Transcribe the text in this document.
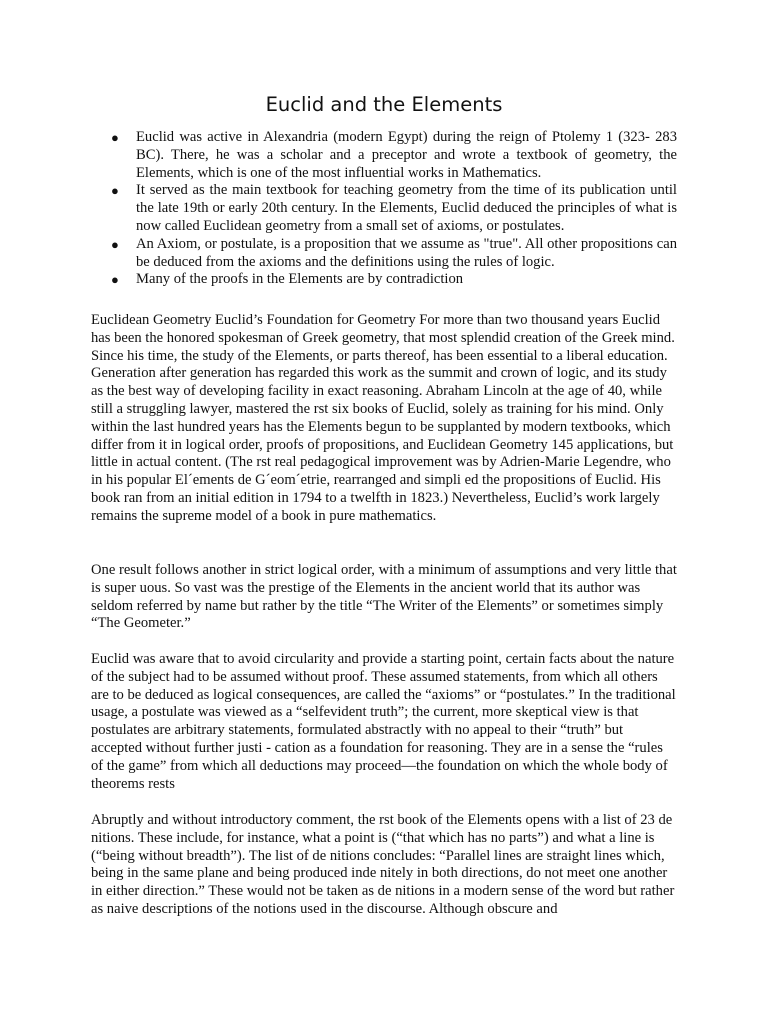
Euclid and the Elements
● Euclid was active in Alexandria (modern Egypt) during the reign of Ptolemy 1 (323- 283 BC). There, he was a scholar and a preceptor and wrote a textbook of geometry, the Elements, which is one of the most influential works in Mathematics.
● It served as the main textbook for teaching geometry from the time of its publication until the late 19th or early 20th century. In the Elements, Euclid deduced the principles of what is now called Euclidean geometry from a small set of axioms, or postulates.
● An Axiom, or postulate, is a proposition that we assume as "true". All other propositions can be deduced from the axioms and the definitions using the rules of logic.
● Many of the proofs in the Elements are by contradiction

Euclidean Geometry Euclid’s Foundation for Geometry For more than two thousand years Euclid has been the honored spokesman of Greek geometry, that most splendid creation of the Greek mind. Since his time, the study of the Elements, or parts thereof, has been essential to a liberal education. Generation after generation has regarded this work as the summit and crown of logic, and its study as the best way of developing facility in exact reasoning. Abraham Lincoln at the age of 40, while still a struggling lawyer, mastered the rst six books of Euclid, solely as training for his mind. Only within the last hundred years has the Elements begun to be supplanted by modern textbooks, which differ from it in logical order, proofs of propositions, and Euclidean Geometry 145 applications, but little in actual content. (The rst real pedagogical improvement was by Adrien-Marie Legendre, who in his popular El´ements de G´eom´etrie, rearranged and simpli ed the propositions of Euclid. His book ran from an initial edition in 1794 to a twelfth in 1823.) Nevertheless, Euclid’s work largely remains the supreme model of a book in pure mathematics.

One result follows another in strict logical order, with a minimum of assumptions and very little that is super uous. So vast was the prestige of the Elements in the ancient world that its author was seldom referred by name but rather by the title “The Writer of the Elements” or sometimes simply “The Geometer.”

Euclid was aware that to avoid circularity and provide a starting point, certain facts about the nature of the subject had to be assumed without proof. These assumed statements, from which all others are to be deduced as logical consequences, are called the “axioms” or “postulates.” In the traditional usage, a postulate was viewed as a “selfevident truth”; the current, more skeptical view is that postulates are arbitrary statements, formulated abstractly with no appeal to their “truth” but accepted without further justi - cation as a foundation for reasoning. They are in a sense the “rules of the game” from which all deductions may proceed—the foundation on which the whole body of theorems rests

Abruptly and without introductory comment, the rst book of the Elements opens with a list of 23 de nitions. These include, for instance, what a point is (“that which has no parts”) and what a line is (“being without breadth”). The list of de nitions concludes: “Parallel lines are straight lines which, being in the same plane and being produced inde nitely in both directions, do not meet one another in either direction.” These would not be taken as de nitions in a modern sense of the word but rather as naive descriptions of the notions used in the discourse. Although obscure and
